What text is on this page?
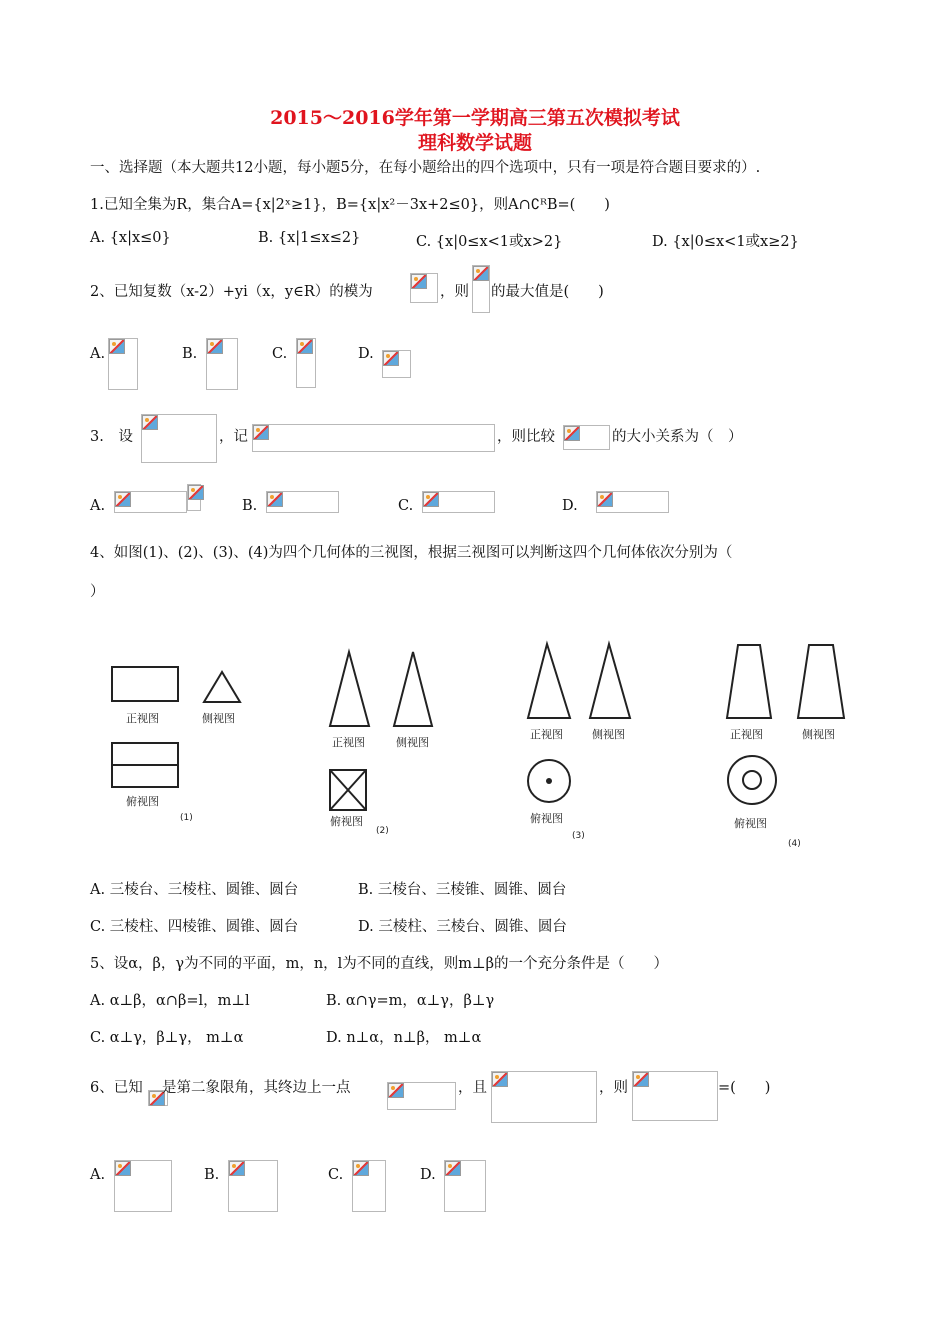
2015～2016学年第一学期高三第五次模拟考试
理科数学试题
一、选择题（本大题共12小题，每小题5分，在每小题给出的四个选项中，只有一项是符合题目要求的）.
1.已知全集为R，集合A={x|2ˣ≥1}，B={x|x²－3x+2≤0}，则A∩∁ᴿB=(　　)
A. {x|x≤0}	B. {x|1≤x≤2}	C. {x|0≤x<1或x>2}	D. {x|0≤x<1或x≥2}
2、已知复数（x-2）+yi（x，y∈R）的模为	，则 的最大值是(　　)
A.	B.	C.	D.
3.　设	，记	，则比较	的大小关系为（　）
A.	B.	C.	D.
4、如图(1)、(2)、(3)、(4)为四个几何体的三视图，根据三视图可以判断这四个几何体依次分别为（
）
正视图	侧视图
俯视图
(1)
正视图	侧视图
俯视图
(2)
正视图	侧视图
俯视图
(3)
正视图	侧视图
俯视图
(4)
A. 三棱台、三棱柱、圆锥、圆台	B. 三棱台、三棱锥、圆锥、圆台
C. 三棱柱、四棱锥、圆锥、圆台	D. 三棱柱、三棱台、圆锥、圆台
5、设α，β，γ为不同的平面，m，n，l为不同的直线，则m⊥β的一个充分条件是（　　）
A. α⊥β，α∩β=l，m⊥l	B. α∩γ=m，α⊥γ，β⊥γ
C. α⊥γ，β⊥γ， m⊥α	D. n⊥α，n⊥β， m⊥α
6、已知 是第二象限角，其终边上一点	，且	，则	=(　　)
A.	B.	C.	D.
